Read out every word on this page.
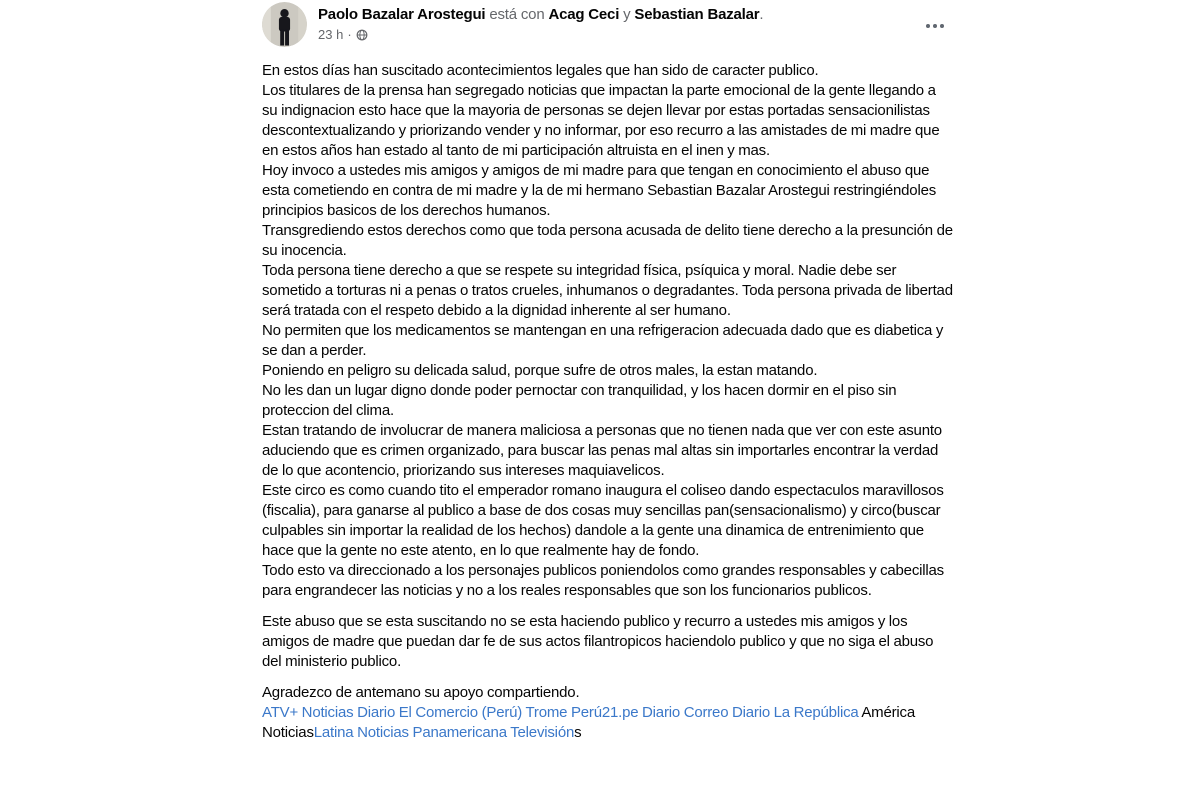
Paolo Bazalar Arostegui está con Acag Ceci y Sebastian Bazalar.
23 h ·

En estos días han suscitado acontecimientos legales que han sido de caracter publico.

Los titulares de la prensa han segregado noticias que impactan la parte emocional de la gente llegando a su indignacion esto hace que la mayoria de personas se dejen llevar por estas portadas sensacionilistas descontextualizando y priorizando vender y no informar, por eso recurro a las amistades de mi madre que en estos años han estado al tanto de mi participación altruista en el inen y mas.

Hoy invoco a ustedes mis amigos y amigos de mi madre para que tengan en conocimiento el abuso que esta cometiendo en contra de mi madre y la de mi hermano Sebastian Bazalar Arostegui restringiéndoles principios basicos de los derechos humanos.

Transgrediendo estos derechos como que toda persona acusada de delito tiene derecho a la presunción de su inocencia.

Toda persona tiene derecho a que se respete su integridad física, psíquica y moral. Nadie debe ser sometido a torturas ni a penas o tratos crueles, inhumanos o degradantes. Toda persona privada de libertad será tratada con el respeto debido a la dignidad inherente al ser humano.

No permiten que los medicamentos se mantengan en una refrigeracion adecuada dado que es diabetica y se dan a perder.

Poniendo en peligro su delicada salud, porque sufre de otros males, la estan matando.

No les dan un lugar digno donde poder pernoctar con tranquilidad, y los hacen dormir en el piso sin proteccion del clima.

Estan tratando de involucrar de manera maliciosa a personas que no tienen nada que ver con este asunto aduciendo que es crimen organizado, para buscar las penas mal altas sin importarles encontrar la verdad de lo que acontencio, priorizando sus intereses maquiavelicos.

Este circo es como cuando tito el emperador romano inaugura el coliseo dando espectaculos maravillosos (fiscalia), para ganarse al publico a base de dos cosas muy sencillas pan(sensacionalismo) y circo(buscar culpables sin importar la realidad de los hechos) dandole a la gente una dinamica de entrenimiento que hace que la gente no este atento, en lo que realmente hay de fondo.

Todo esto va direccionado a los personajes publicos poniendolos como grandes responsables y cabecillas para engrandecer las noticias y no a los reales responsables que son los funcionarios publicos.

Este abuso que se esta suscitando no se esta haciendo publico y recurro a ustedes mis amigos y los amigos de madre que puedan dar fe de sus actos filantropicos haciendolo publico y que no siga el abuso del ministerio publico.

Agradezco de antemano su apoyo compartiendo.

ATV+ Noticias Diario El Comercio (Perú) Trome Perú21.pe Diario Correo Diario La República América NoticiasLatina Noticias Panamericana Televisións
